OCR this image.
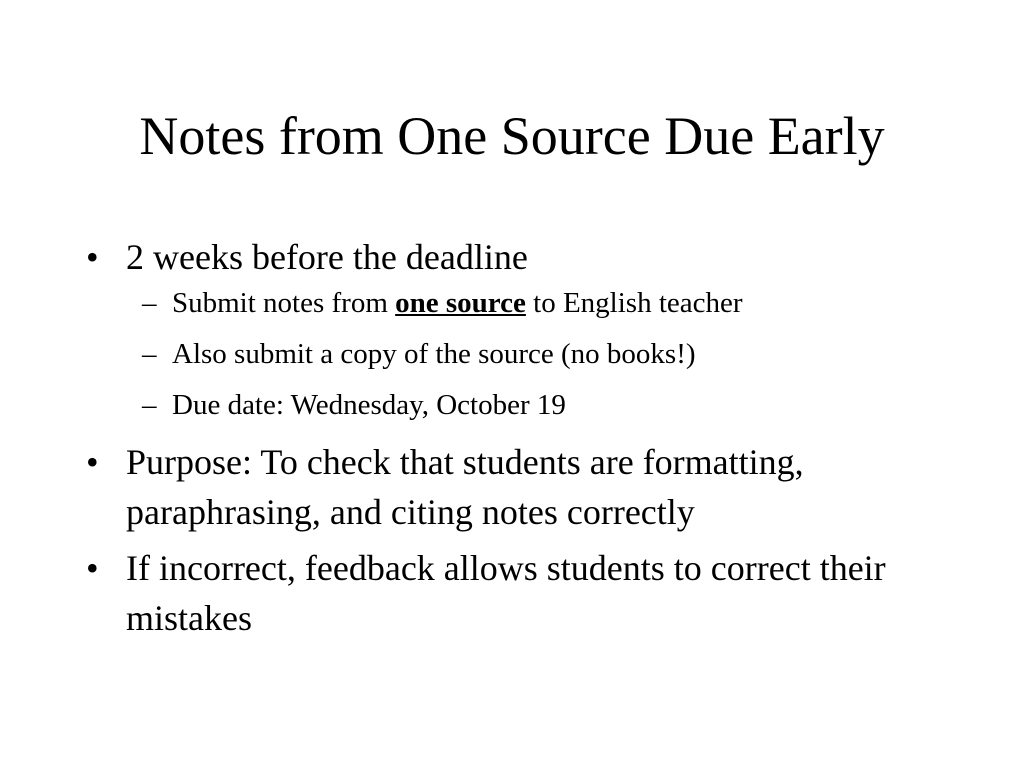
Notes from One Source Due Early
• 2 weeks before the deadline
– Submit notes from one source to English teacher
– Also submit a copy of the source (no books!)
– Due date: Wednesday, October 19
• Purpose: To check that students are formatting, paraphrasing, and citing notes correctly
• If incorrect, feedback allows students to correct their mistakes
